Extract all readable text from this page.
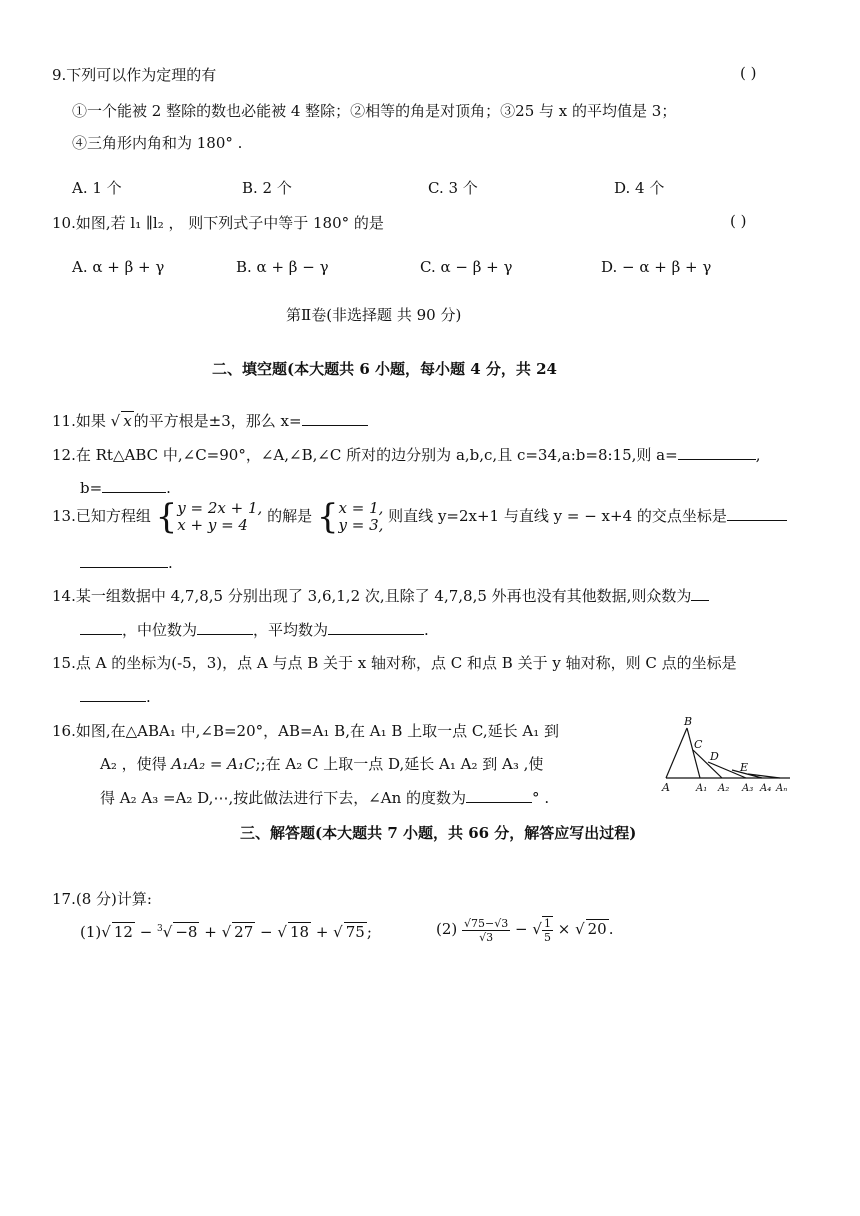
9.下列可以作为定理的有	( )
①一个能被 2 整除的数也必能被 4 整除；②相等的角是对顶角；③25 与 x 的平均值是 3；
④三角形内角和为 180° .
A. 1 个	B. 2 个	C. 3 个	D. 4 个
10.如图,若 l₁ ∥l₂ ， 则下列式子中等于 180° 的是	( )
A. α + β + γ	B. α + β − γ	C. α − β + γ	D. − α + β + γ
第Ⅱ卷(非选择题 共 90 分)
二、填空题(本大题共 6 小题，每小题 4 分，共 24
11.如果 √ x 的平方根是±3，那么 x=
12.在 Rt△ABC 中,∠C=90°，∠A,∠B,∠C 所对的边分别为 a,b,c,且 c=34,a:b=8:15,则 a=	,
b=	.
13.已知方程组 { y = 2x + 1,
x + y = 4	的解是 { x = 1,
y = 3, 则直线 y=2x+1 与直线 y = − x+4 的交点坐标是
.
14.某一组数据中 4,7,8,5 分别出现了 3,6,1,2 次,且除了 4,7,8,5 外再也没有其他数据,则众数为
，中位数为	，平均数为	.
15.点 A 的坐标为(-5，3)，点 A 与点 B 关于 x 轴对称，点 C 和点 B 关于 y 轴对称，则 C 点的坐标是
.
16.如图,在△ABA₁ 中,∠B=20°，AB=A₁ B,在 A₁ B 上取一点 C,延长 A₁ 到
A₂ ，使得 A₁A₂ = A₁C;;在 A₂ C 上取一点 D,延长 A₁ A₂ 到 A₃ ,使
得 A₂ A₃ =A₂ D,⋯,按此做法进行下去，∠An 的度数为	° .
B
C
D
E
A	A₁ A₂ A₃ A₄ Aₙ
三、解答题(本大题共 7 小题，共 66 分，解答应写出过程)
17.(8 分)计算:
(1)√ 12 − $^3$√ −8 + √ 27 − √ 18 + √ 75 ;	$(2) \frac{√75-√3}{√3}$ − √ $\frac{1}{5}$ × √ 20 .
